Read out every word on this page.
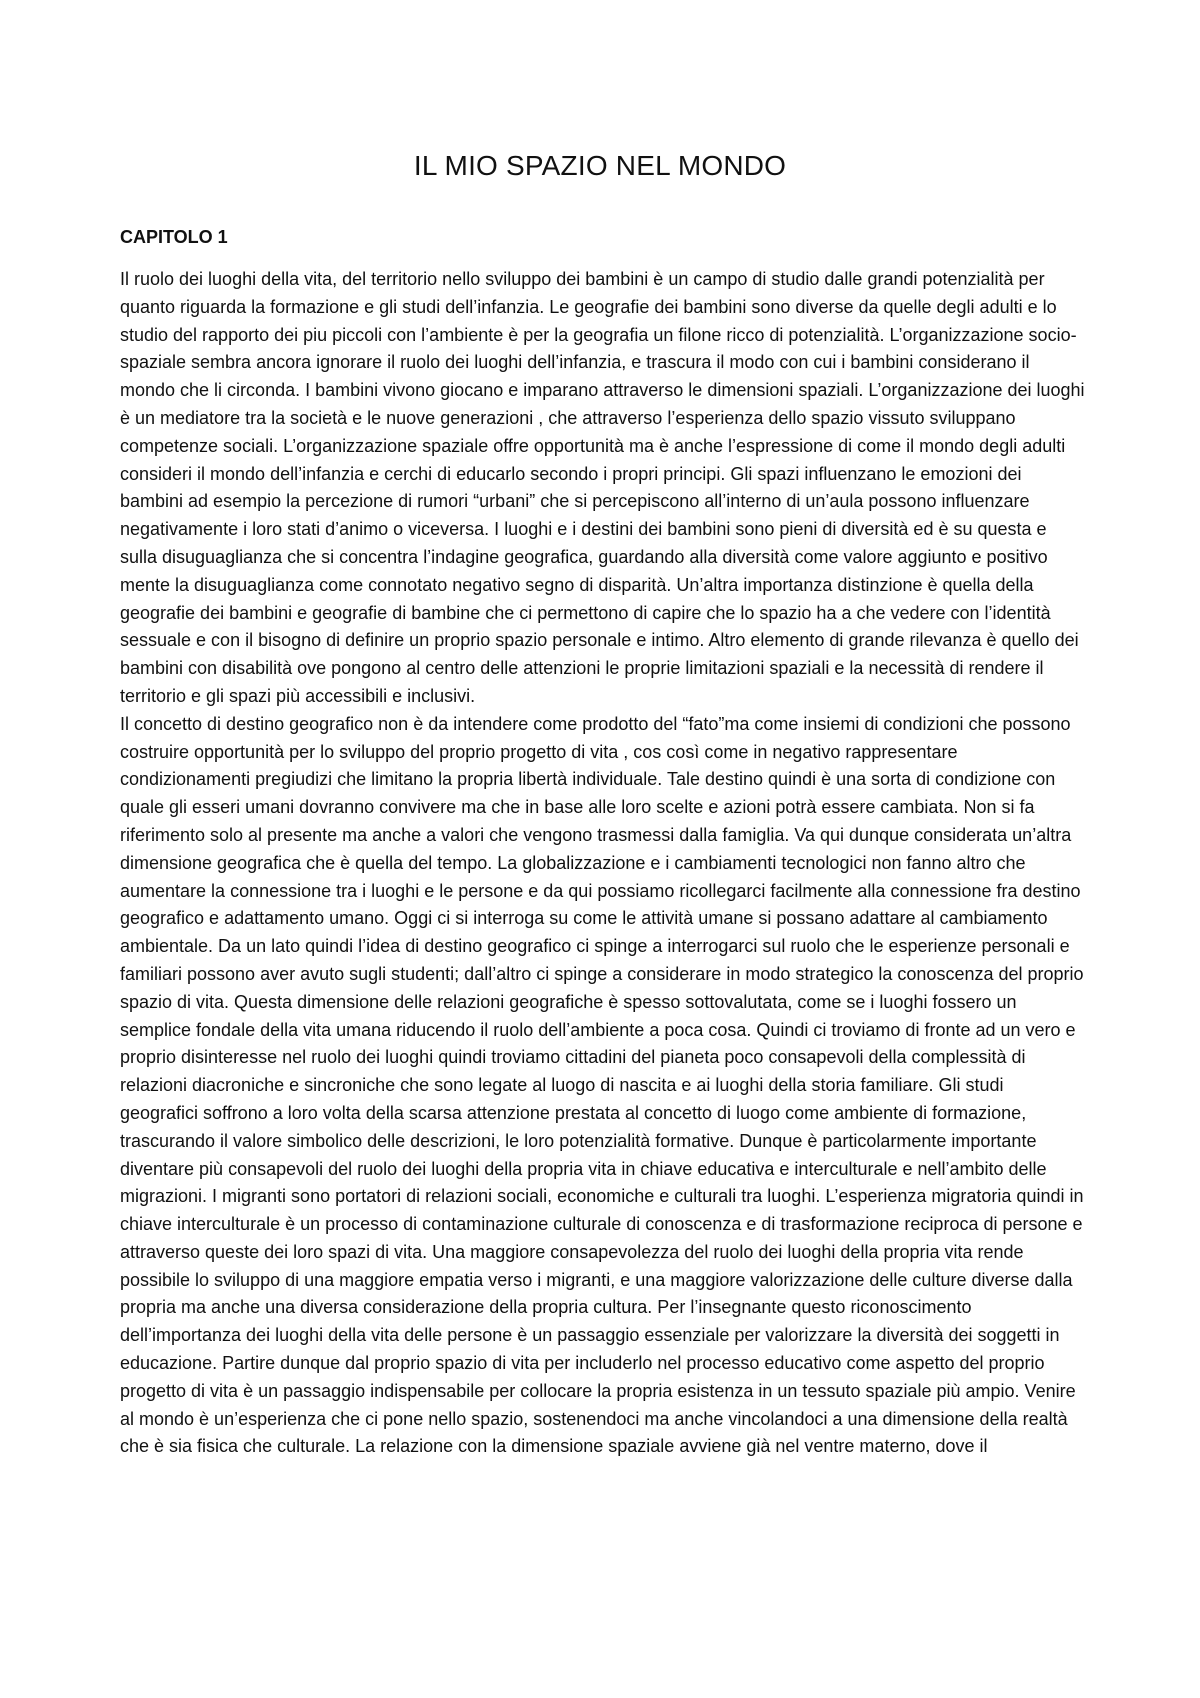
IL MIO SPAZIO NEL MONDO
CAPITOLO 1

Il ruolo dei luoghi della vita, del territorio nello sviluppo dei bambini è un campo di studio dalle grandi potenzialità per quanto riguarda la formazione e gli studi dell’infanzia. Le geografie dei bambini sono diverse da quelle degli adulti e lo studio del rapporto dei piu piccoli con l’ambiente è per la geografia un filone ricco di potenzialità. L’organizzazione socio-spaziale sembra ancora ignorare il ruolo dei luoghi dell’infanzia, e trascura il modo con cui i bambini considerano il mondo che li circonda. I bambini vivono giocano e imparano attraverso le dimensioni spaziali. L’organizzazione dei luoghi è un mediatore tra la società e le nuove generazioni , che attraverso l’esperienza dello spazio vissuto sviluppano competenze sociali. L’organizzazione spaziale offre opportunità ma è anche l’espressione di come il mondo degli adulti consideri il mondo dell’infanzia e cerchi di educarlo secondo i propri principi. Gli spazi influenzano le emozioni dei bambini ad esempio la percezione di rumori “urbani” che si percepiscono all’interno di un’aula possono influenzare negativamente i loro stati d’animo o viceversa. I luoghi e i destini dei bambini sono pieni di diversità ed è su questa e sulla disuguaglianza che si concentra l’indagine geografica, guardando alla diversità come valore aggiunto e positivo mente la disuguaglianza come connotato negativo segno di disparità. Un’altra importanza distinzione è quella della geografie dei bambini e geografie di bambine che ci permettono di capire che lo spazio ha a che vedere con l’identità sessuale e con il bisogno di definire un proprio spazio personale e intimo. Altro elemento di grande rilevanza è quello dei bambini con disabilità ove pongono al centro delle attenzioni le proprie limitazioni spaziali e la necessità di rendere il territorio e gli spazi più accessibili e inclusivi.

Il concetto di destino geografico non è da intendere come prodotto del “fato”ma come insiemi di condizioni che possono costruire opportunità per lo sviluppo del proprio progetto di vita , cos così come in negativo rappresentare condizionamenti pregiudizi che limitano la propria libertà individuale. Tale destino quindi è una sorta di condizione con quale gli esseri umani dovranno convivere ma che in base alle loro scelte e azioni potrà essere cambiata. Non si fa riferimento solo al presente ma anche a valori che vengono trasmessi dalla famiglia. Va qui dunque considerata un’altra dimensione geografica che è quella del tempo. La globalizzazione e i cambiamenti tecnologici non fanno altro che aumentare la connessione tra i luoghi e le persone e da qui possiamo ricollegarci facilmente alla connessione fra destino geografico e adattamento umano. Oggi ci si interroga su come le attività umane si possano adattare al cambiamento ambientale. Da un lato quindi l’idea di destino geografico ci spinge a interrogarci sul ruolo che le esperienze personali e familiari possono aver avuto sugli studenti; dall’altro ci spinge a considerare in modo strategico la conoscenza del proprio spazio di vita. Questa dimensione delle relazioni geografiche è spesso sottovalutata, come se i luoghi fossero un semplice fondale della vita umana riducendo il ruolo dell’ambiente a poca cosa. Quindi ci troviamo di fronte ad un vero e proprio disinteresse nel ruolo dei luoghi quindi troviamo cittadini del pianeta poco consapevoli della complessità di relazioni diacroniche e sincroniche che sono legate al luogo di nascita e ai luoghi della storia familiare. Gli studi geografici soffrono a loro volta della scarsa attenzione prestata al concetto di luogo come ambiente di formazione, trascurando il valore simbolico delle descrizioni, le loro potenzialità formative. Dunque è particolarmente importante diventare più consapevoli del ruolo dei luoghi della propria vita in chiave educativa e interculturale e nell’ambito delle migrazioni. I migranti sono portatori di relazioni sociali, economiche e culturali tra luoghi. L’esperienza migratoria quindi in chiave interculturale è un processo di contaminazione culturale di conoscenza e di trasformazione reciproca di persone e attraverso queste dei loro spazi di vita. Una maggiore consapevolezza del ruolo dei luoghi della propria vita rende possibile lo sviluppo di una maggiore empatia verso i migranti, e una maggiore valorizzazione delle culture diverse dalla propria ma anche una diversa considerazione della propria cultura. Per l’insegnante questo riconoscimento dell’importanza dei luoghi della vita delle persone è un passaggio essenziale per valorizzare la diversità dei soggetti in educazione. Partire dunque dal proprio spazio di vita per includerlo nel processo educativo come aspetto del proprio progetto di vita è un passaggio indispensabile per collocare la propria esistenza in un tessuto spaziale più ampio. Venire al mondo è un’esperienza che ci pone nello spazio, sostenendoci ma anche vincolandoci a una dimensione della realtà che è sia fisica che culturale. La relazione con la dimensione spaziale avviene già nel ventre materno, dove il
